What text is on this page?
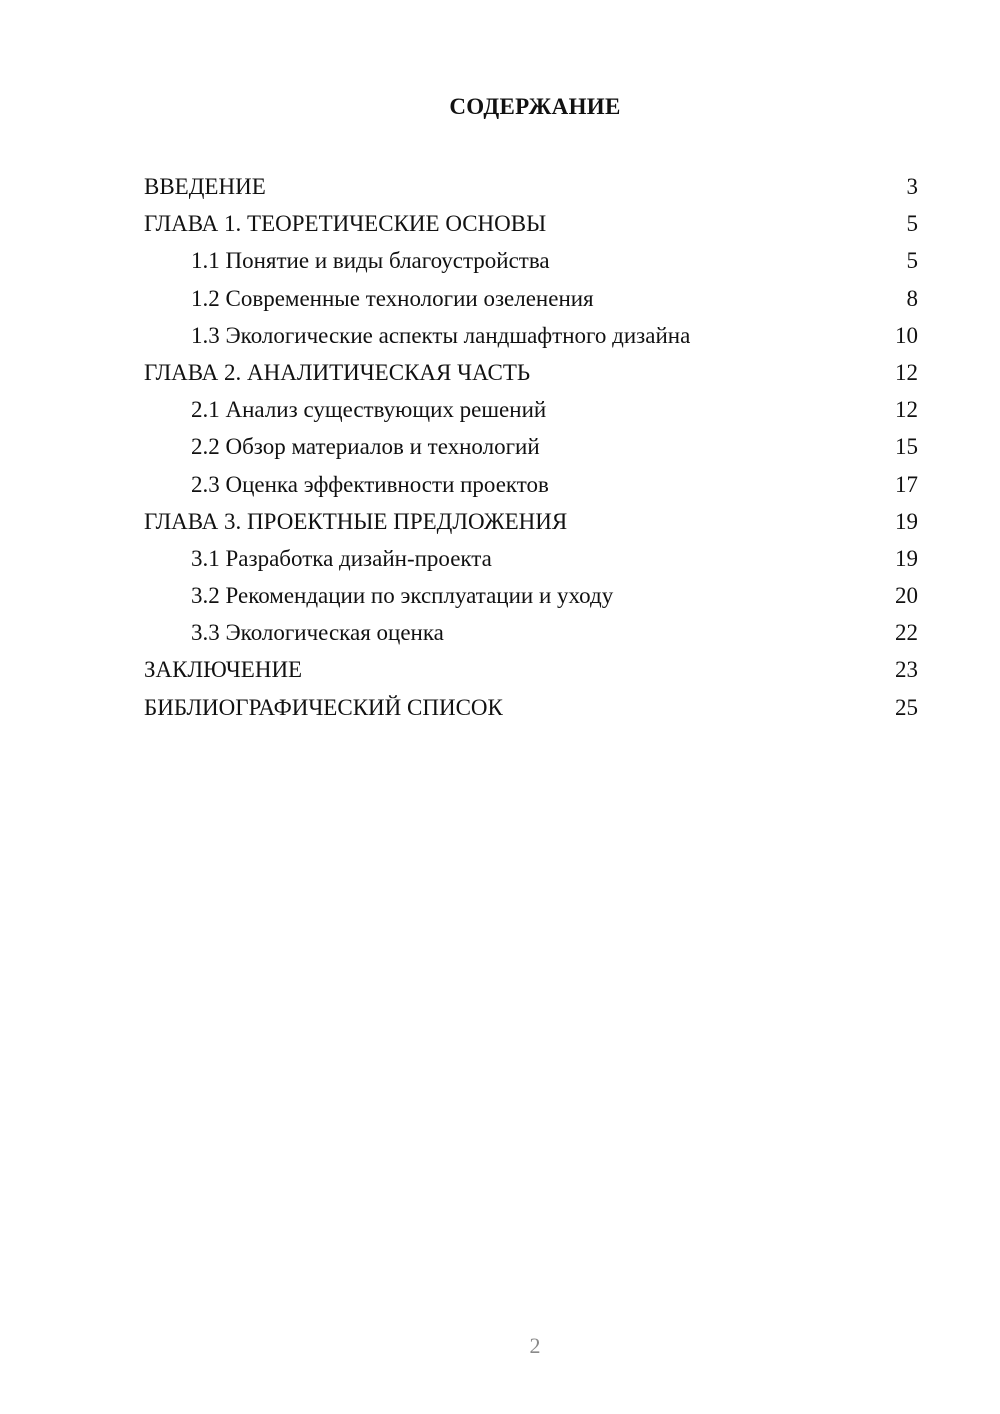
СОДЕРЖАНИЕ
ВВЕДЕНИЕ	3
ГЛАВА 1. ТЕОРЕТИЧЕСКИЕ ОСНОВЫ	5
1.1 Понятие и виды благоустройства	5
1.2 Современные технологии озеленения	8
1.3 Экологические аспекты ландшафтного дизайна	10
ГЛАВА 2. АНАЛИТИЧЕСКАЯ ЧАСТЬ	12
2.1 Анализ существующих решений	12
2.2 Обзор материалов и технологий	15
2.3 Оценка эффективности проектов	17
ГЛАВА 3. ПРОЕКТНЫЕ ПРЕДЛОЖЕНИЯ	19
3.1 Разработка дизайн-проекта	19
3.2 Рекомендации по эксплуатации и уходу	20
3.3 Экологическая оценка	22
ЗАКЛЮЧЕНИЕ	23
БИБЛИОГРАФИЧЕСКИЙ СПИСОК	25

2
